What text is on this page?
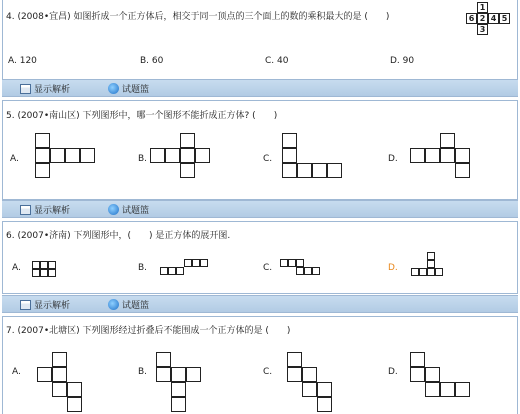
4. (2008•宜昌) 如图折成一个正方体后，相交于同一顶点的三个面上的数的乘积最大的是 (　　)
1
6 2 4 5
3
A. 120	B. 60	C. 40	D. 90
显示解析	试题篮
5. (2007•南山区) 下列图形中，哪一个图形不能折成正方体? (　　)
A.	B.	C.	D.
显示解析	试题篮
6. (2007•济南) 下列图形中，(　　) 是正方体的展开图.
A.	B.	C.	D.
显示解析	试题篮
7. (2007•北塘区) 下列图形经过折叠后不能围成一个正方体的是 (　　)
A.	B.	C.	D.
